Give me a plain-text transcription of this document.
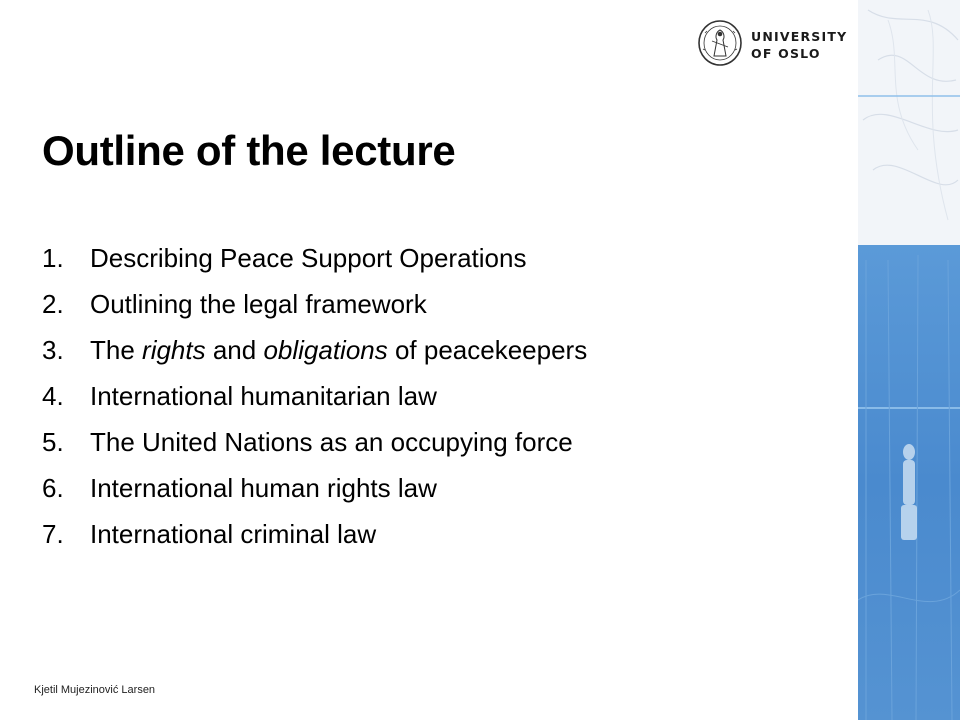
UNIVERSITY
OF OSLO
Outline of the lecture
1. Describing Peace Support Operations
2. Outlining the legal framework
3. The rights and obligations of peacekeepers
4. International humanitarian law
5. The United Nations as an occupying force
6. International human rights law
7. International criminal law
Kjetil Mujezinović Larsen
